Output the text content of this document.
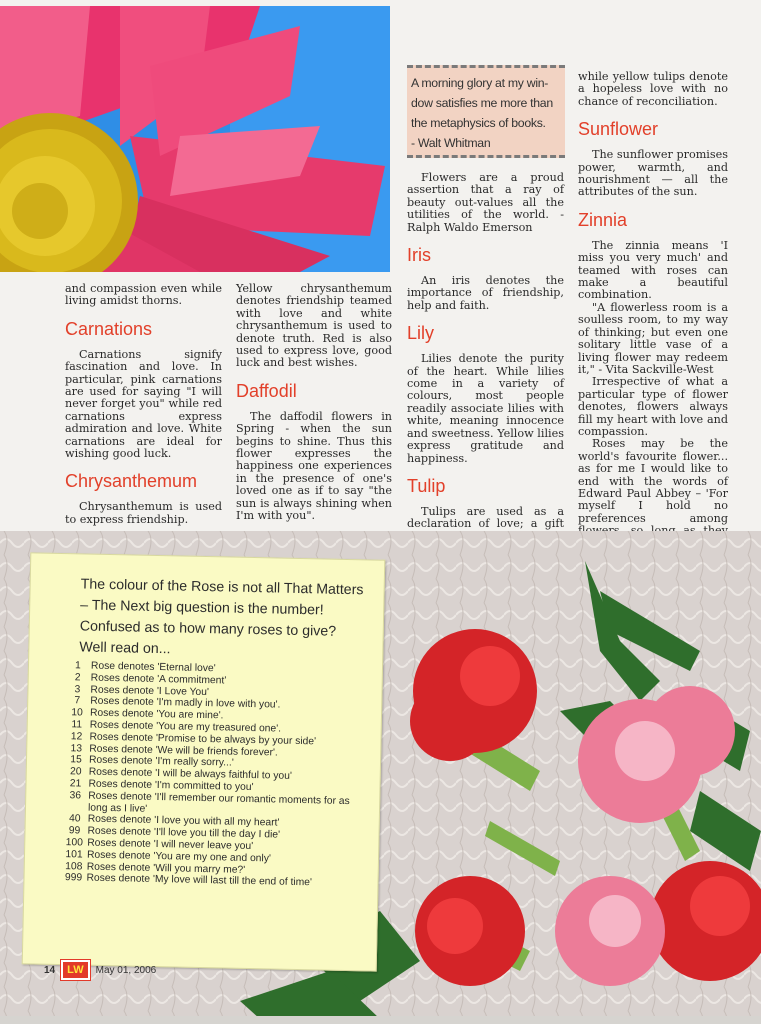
A morning glory at my win-
dow satisfies me more than
the metaphysics of books.
- Walt Whitman

and compassion even while living amidst thorns.

Carnations

Carnations signify fascination and love. In particular, pink carnations are used for saying "I will never forget you" while red carnations express admiration and love. White carnations are ideal for wishing good luck.

Chrysanthemum

Chrysanthemum is used to express friendship.

Yellow chrysanthemum denotes friendship teamed with love and white chrysanthemum is used to denote truth. Red is also used to express love, good luck and best wishes.

Daffodil

The daffodil flowers in Spring - when the sun begins to shine. Thus this flower expresses the happiness one experiences in the presence of one's loved one as if to say "the sun is always shining when I'm with you".

Flowers are a proud assertion that a ray of beauty out-values all the utilities of the world. - Ralph Waldo Emerson

Iris

An iris denotes the importance of friendship, help and faith.

Lily

Lilies denote the purity of the heart. While lilies come in a variety of colours, most people readily associate lilies with white, meaning innocence and sweetness. Yellow lilies express gratitude and happiness.

Tulip

Tulips are used as a declaration of love; a gift

while yellow tulips denote a hopeless love with no chance of reconciliation.

Sunflower

The sunflower promises power, warmth, and nourishment — all the attributes of the sun.

Zinnia

The zinnia means 'I miss you very much' and teamed with roses can make a beautiful combination.

"A flowerless room is a soulless room, to my way of thinking; but even one solitary little vase of a living flower may redeem it," - Vita Sackville-West

Irrespective of what a particular type of flower denotes, flowers always fill my heart with love and compassion.

Roses may be the world's favourite flower... as for me I would like to end with the words of Edward Paul Abbey – 'For myself I hold no preferences among

The colour of the Rose is not all That Matters – The Next big question is the number! Confused as to how many roses to give? Well read on...
1 Rose denotes 'Eternal love'
2 Roses denote 'A commitment'
3 Roses denote 'I Love You'
7 Roses denote 'I'm madly in love with you'.
10 Roses denote 'You are mine'.
11 Roses denote 'You are my treasured one'.
12 Roses denote 'Promise to be always by your side'
13 Roses denote 'We will be friends forever'.
15 Roses denote 'I'm really sorry...'
20 Roses denote 'I will be always faithful to you'
21 Roses denote 'I'm committed to you'
36 Roses denote 'I'll remember our romantic moments for as long as I live'
40 Roses denote 'I love you with all my heart'
99 Roses denote 'I'll love you till the day I die'
100 Roses denote 'I will never leave you'
101 Roses denote 'You are my one and only'
108 Roses denote 'Will you marry me?'
999 Roses denote 'My love will last till the end of time'
14	LW	May 01, 2006
